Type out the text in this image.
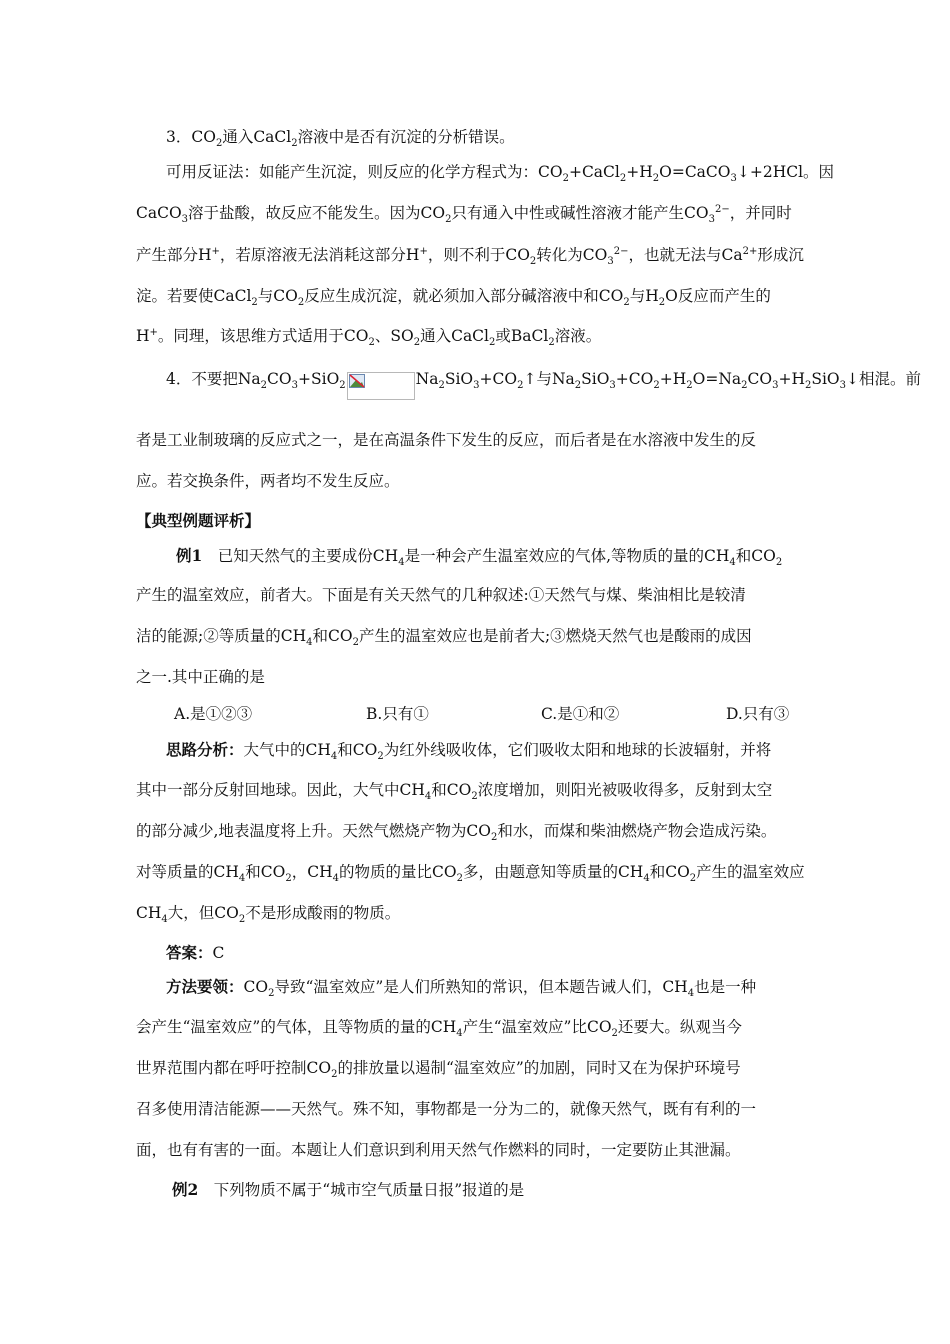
3．$CO_2$通入CaCl$_2$溶液中是否有沉淀的分析错误。
可用反证法：如能产生沉淀，则反应的化学方程式为：$CO_2+CaCl_2+H_2O=CaCO_3↓+2HCl$。因
CaCO$_3$溶于盐酸，故反应不能发生。因为$CO_2$只有通入中性或碱性溶液才能产生$CO_3^{2-}$，并同时
产生部分H+，若原溶液无法消耗这部分H+，则不利于$CO_2$转化为$CO_3^{2-}$，也就无法与$Ca^{2+}$形成沉
淀。若要使CaCl$_2$与$CO_2$反应生成沉淀，就必须加入部分碱溶液中和$CO_2$与$H_2O$反应而产生的
H+。同理，该思维方式适用于$CO_2$、$SO_2$通入CaCl$_2$或BaCl$_2$溶液。
4．不要把$Na_2CO_3+SiO_2$	$Na_2SiO_3+CO_2↑$与$Na_2SiO_3+CO_2+H_2O=Na_2CO_3+H_2SiO_3↓$相混。前
者是工业制玻璃的反应式之一，是在高温条件下发生的反应，而后者是在水溶液中发生的反
应。若交换条件，两者均不发生反应。
【典型例题评析】
例1　已知天然气的主要成份$CH_4$是一种会产生温室效应的气体,等物质的量的$CH_4$和$CO_2$
产生的温室效应，前者大。下面是有关天然气的几种叙述:①天然气与煤、柴油相比是较清
洁的能源;②等质量的$CH_4$和$CO_2$产生的温室效应也是前者大;③燃烧天然气也是酸雨的成因
之一.其中正确的是
A.是①②③	B.只有①	C.是①和②	D.只有③
思路分析：大气中的$CH_4$和$CO_2$为红外线吸收体，它们吸收太阳和地球的长波辐射，并将
其中一部分反射回地球。因此，大气中$CH_4$和$CO_2$浓度增加，则阳光被吸收得多，反射到太空
的部分减少,地表温度将上升。天然气燃烧产物为$CO_2$和水，而煤和柴油燃烧产物会造成污染。
对等质量的$CH_4$和$CO_2$，$CH_4$的物质的量比$CO_2$多，由题意知等质量的$CH_4$和$CO_2$产生的温室效应
$CH_4$大，但$CO_2$不是形成酸雨的物质。
答案：C
方法要领：$CO_2$导致“温室效应”是人们所熟知的常识，但本题告诫人们，$CH_4$也是一种
会产生“温室效应”的气体，且等物质的量的$CH_4$产生“温室效应”比$CO_2$还要大。纵观当今
世界范围内都在呼吁控制$CO_2$的排放量以遏制“温室效应”的加剧，同时又在为保护环境号
召多使用清洁能源——天然气。殊不知，事物都是一分为二的，就像天然气，既有有利的一
面，也有有害的一面。本题让人们意识到利用天然气作燃料的同时，一定要防止其泄漏。
例2　下列物质不属于“城市空气质量日报”报道的是
